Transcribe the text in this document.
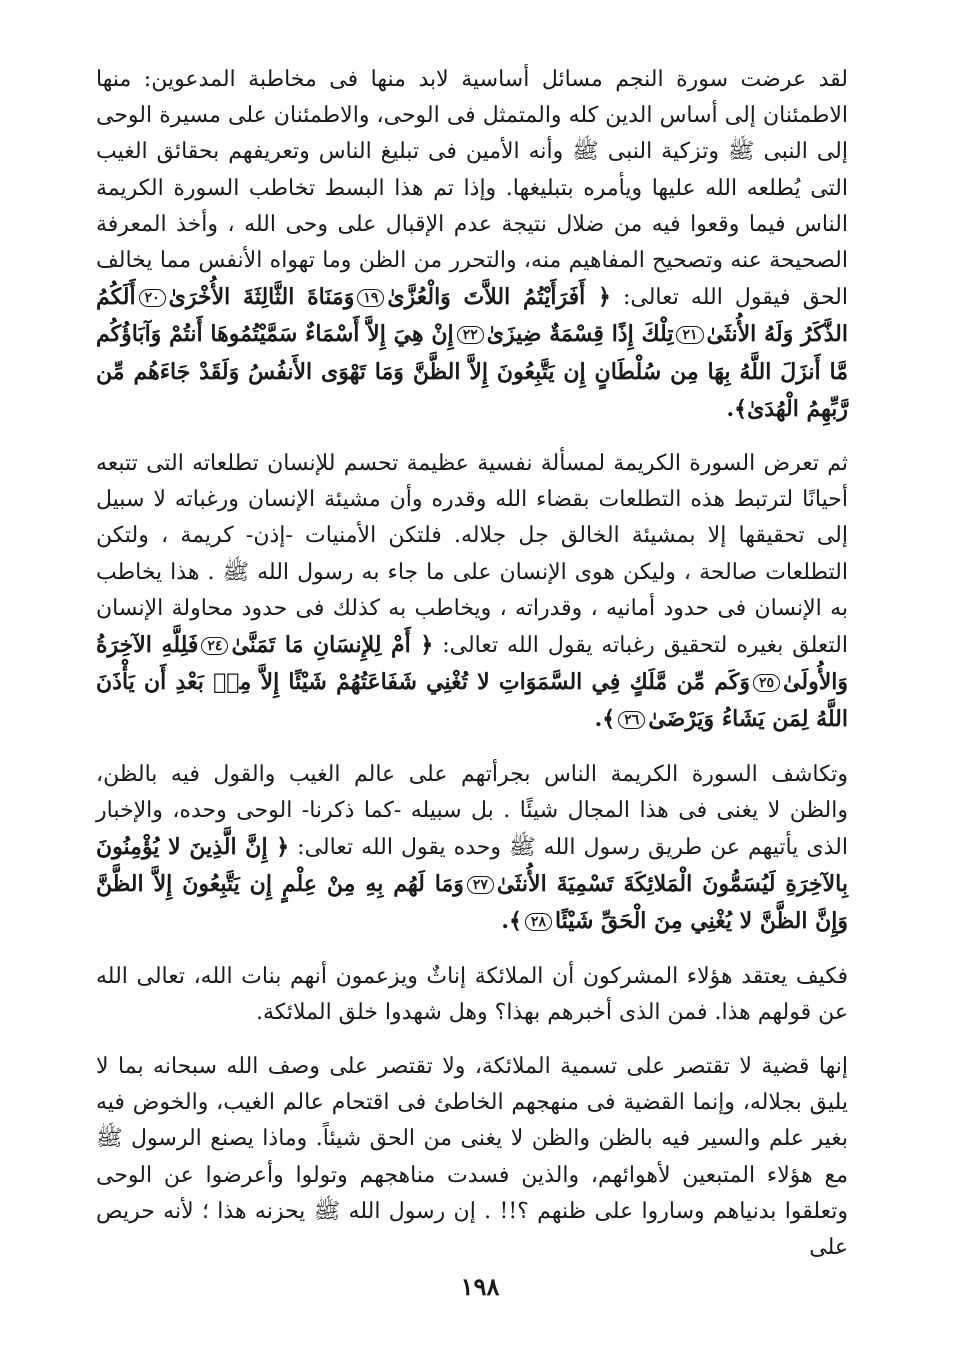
لقد عرضت سورة النجم مسائل أساسية لابد منها فى مخاطبة المدعوين: منها الاطمئنان إلى أساس الدين كله والمتمثل فى الوحى، والاطمئنان على مسيرة الوحى إلى النبى ﷺ وتزكية النبى ﷺ وأنه الأمين فى تبليغ الناس وتعريفهم بحقائق الغيب التى يُطلعه الله عليها ويأمره بتبليغها. وإذا تم هذا البسط تخاطب السورة الكريمة الناس فيما وقعوا فيه من ضلال نتيجة عدم الإقبال على وحى الله ، وأخذ المعرفة الصحيحة عنه وتصحيح المفاهيم منه، والتحرر من الظن وما تهواه الأنفس مما يخالف الحق فيقول الله تعالى: ﴿ أَفَرَأَيْتُمُ اللاَّتَ وَالْعُزَّىٰ١٩وَمَنَاةَ الثَّالِثَةَ الأُخْرَىٰ٢٠أَلَكُمُ الذَّكَرُ وَلَهُ الأُنثَىٰ٢١تِلْكَ إِذًا قِسْمَةٌ ضِيزَىٰ٢٢إِنْ هِيَ إِلاَّ أَسْمَاءٌ سَمَّيْتُمُوهَا أَنتُمْ وَآبَاؤُكُم مَّا أَنزَلَ اللَّهُ بِهَا مِن سُلْطَانٍ إِن يَتَّبِعُونَ إِلاَّ الظَّنَّ وَمَا تَهْوَى الأَنفُسُ وَلَقَدْ جَاءَهُم مِّن رَّبِّهِمُ الْهُدَىٰ﴾.

ثم تعرض السورة الكريمة لمسألة نفسية عظيمة تحسم للإنسان تطلعاته التى تتبعه أحيانًا لترتبط هذه التطلعات بقضاء الله وقدره وأن مشيئة الإنسان ورغباته لا سبيل إلى تحقيقها إلا بمشيئة الخالق جل جلاله. فلتكن الأمنيات -إذن- كريمة ، ولتكن التطلعات صالحة ، وليكن هوى الإنسان على ما جاء به رسول الله ﷺ . هذا يخاطب به الإنسان فى حدود أمانيه ، وقدراته ، ويخاطب به كذلك فى حدود محاولة الإنسان التعلق بغيره لتحقيق رغباته يقول الله تعالى: ﴿ أَمْ لِلإِنسَانِ مَا تَمَنَّىٰ٢٤فَلِلَّهِ الآخِرَةُ وَالأُولَىٰ٢٥وَكَم مِّن مَّلَكٍ فِي السَّمَوَاتِ لا تُغْنِي شَفَاعَتُهُمْ شَيْئًا إِلاَّ مِنۢ بَعْدِ أَن يَأْذَنَ اللَّهُ لِمَن يَشَاءُ وَيَرْضَىٰ٢٦﴾.

وتكاشف السورة الكريمة الناس بجرأتهم على عالم الغيب والقول فيه بالظن، والظن لا يغنى فى هذا المجال شيئًا . بل سبيله -كما ذكرنا- الوحى وحده، والإخبار الذى يأتيهم عن طريق رسول الله ﷺ وحده يقول الله تعالى: ﴿ إِنَّ الَّذِينَ لا يُؤْمِنُونَ بِالآخِرَةِ لَيُسَمُّونَ الْمَلائِكَةَ تَسْمِيَةَ الأُنثَىٰ٢٧وَمَا لَهُم بِهِ مِنْ عِلْمٍ إِن يَتَّبِعُونَ إِلاَّ الظَّنَّ وَإِنَّ الظَّنَّ لا يُغْنِي مِنَ الْحَقِّ شَيْئًا٢٨﴾.

فكيف يعتقد هؤلاء المشركون أن الملائكة إناثٌ ويزعمون أنهم بنات الله، تعالى الله عن قولهم هذا. فمن الذى أخبرهم بهذا؟ وهل شهدوا خلق الملائكة.

إنها قضية لا تقتصر على تسمية الملائكة، ولا تقتصر على وصف الله سبحانه بما لا يليق بجلاله، وإنما القضية فى منهجهم الخاطئ فى اقتحام عالم الغيب، والخوض فيه بغير علم والسير فيه بالظن والظن لا يغنى من الحق شيئاً. وماذا يصنع الرسول ﷺ مع هؤلاء المتبعين لأهوائهم، والذين فسدت مناهجهم وتولوا وأعرضوا عن الوحى وتعلقوا بدنياهم وساروا على ظنهم ؟!! . إن رسول الله ﷺ يحزنه هذا ؛ لأنه حريص على

١٩٨
